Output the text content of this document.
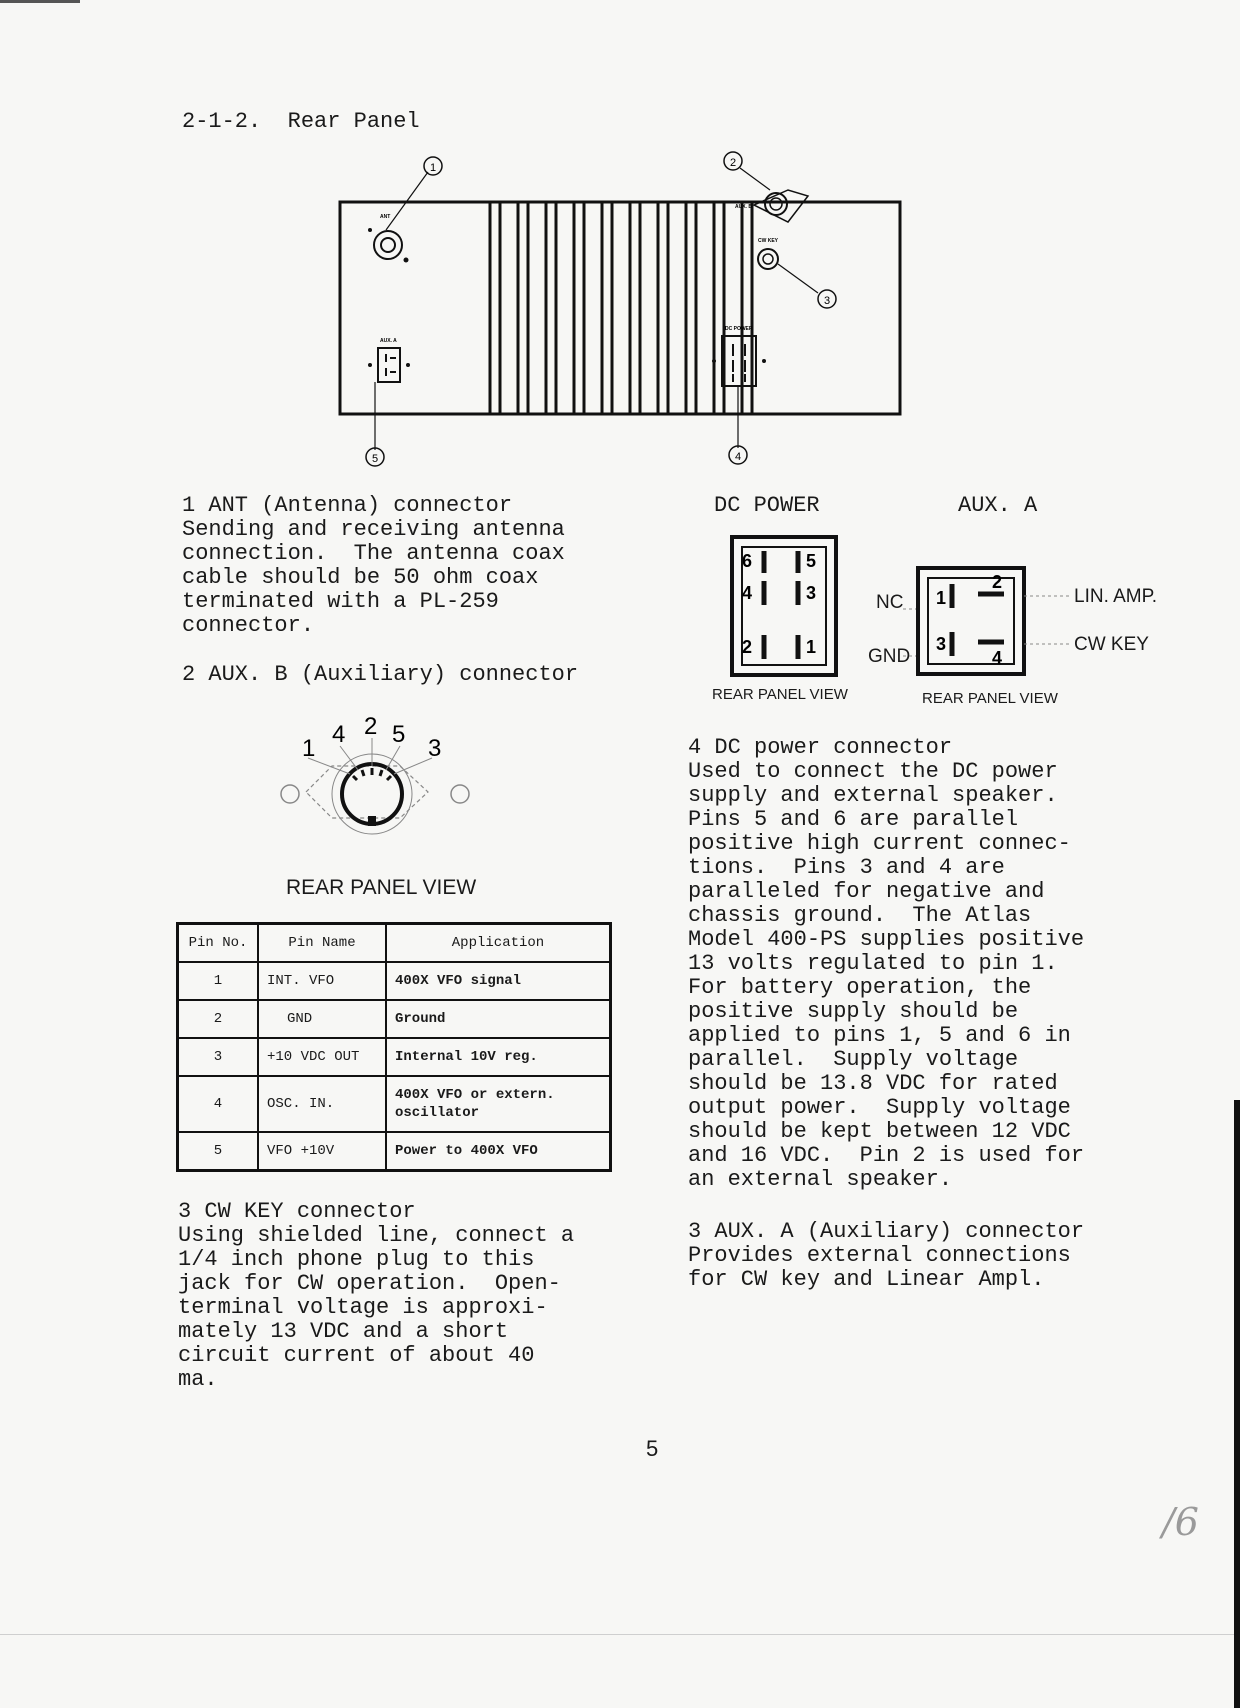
2-1-2.  Rear Panel
ANT
1
AUX. A
5
AUX. B
2
CW KEY
3
DC POWER
4
1 ANT (Antenna) connector
Sending and receiving antenna
connection.  The antenna coax
cable should be 50 ohm coax
terminated with a PL-259
connector.
2 AUX. B (Auxiliary) connector
1
4 2 5
3
REAR PANEL VIEW
Pin No.	Pin Name	Application
1	INT. VFO	400X VFO signal
2	GND	Ground
3	+10 VDC OUT	Internal 10V reg.
4	OSC. IN.	400X VFO or extern.
oscillator
5	VFO +10V	Power to 400X VFO
3 CW KEY connector
Using shielded line, connect a
1/4 inch phone plug to this
jack for CW operation.  Open-
terminal voltage is approxi-
mately 13 VDC and a short
circuit current of about 40
ma.
DC POWER	AUX. A
6	5
4	3
2	1
REAR PANEL VIEW
NC
GND
1
2
3
4
LIN. AMP.
CW KEY
REAR PANEL VIEW
4 DC power connector
Used to connect the DC power
supply and external speaker.
Pins 5 and 6 are parallel
positive high current connec-
tions.  Pins 3 and 4 are
paralleled for negative and
chassis ground.  The Atlas
Model 400-PS supplies positive
13 volts regulated to pin 1.
For battery operation, the
positive supply should be
applied to pins 1, 5 and 6 in
parallel.  Supply voltage
should be 13.8 VDC for rated
output power.  Supply voltage
should be kept between 12 VDC
and 16 VDC.  Pin 2 is used for
an external speaker.
3 AUX. A (Auxiliary) connector
Provides external connections
for CW key and Linear Ampl.
5
/6
